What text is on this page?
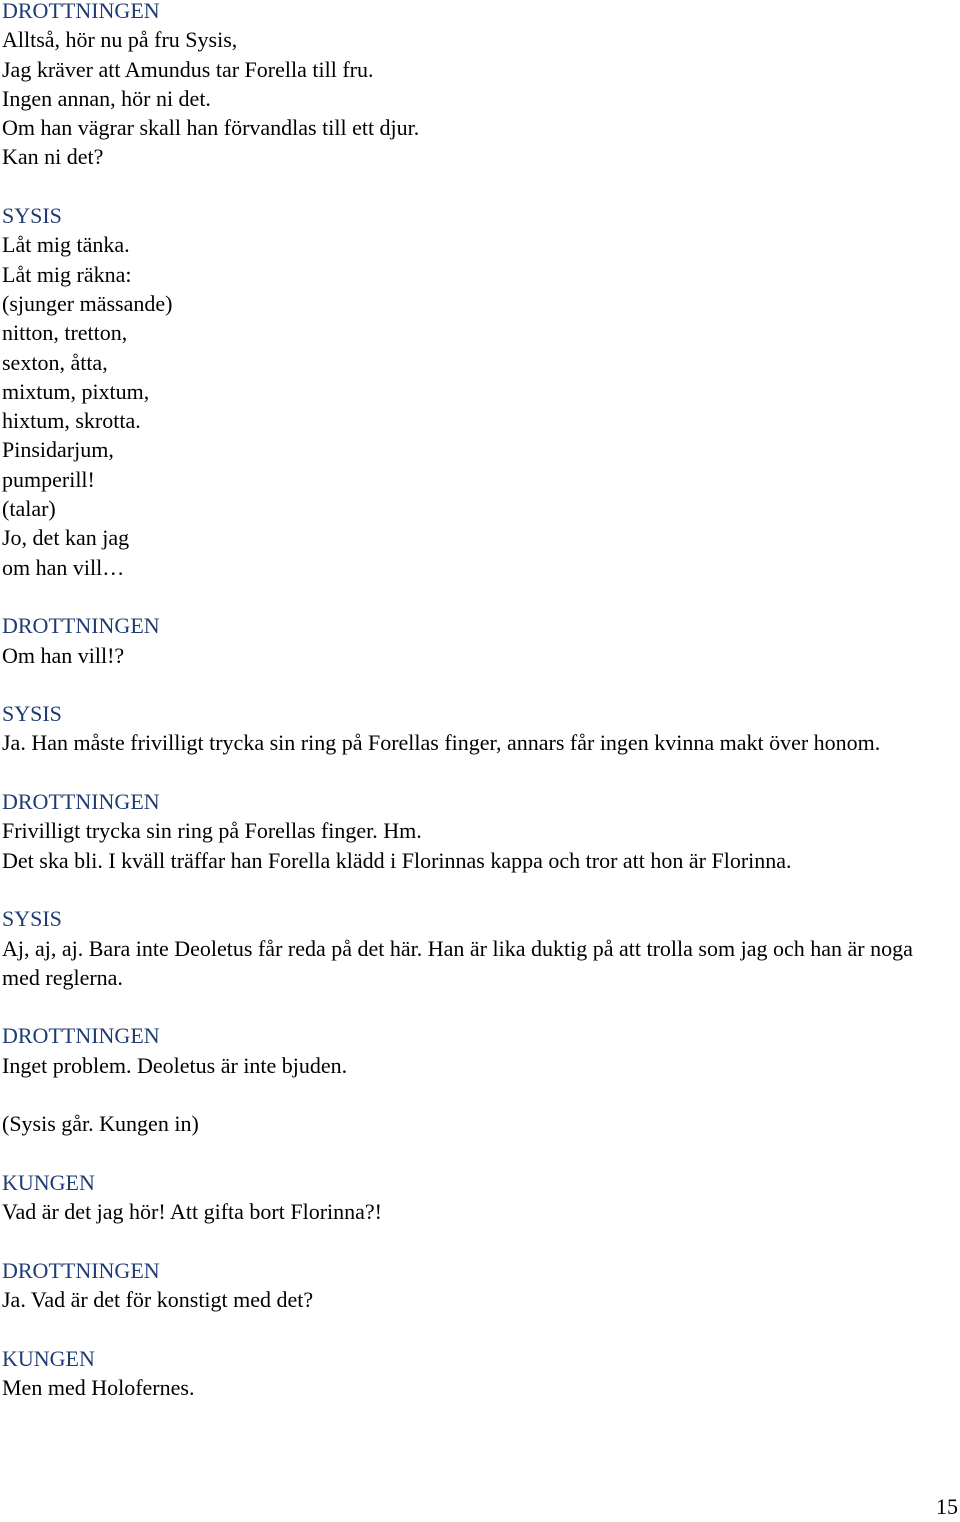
DROTTNINGEN
Alltså, hör nu på fru Sysis,
Jag kräver att Amundus tar Forella till fru.
Ingen annan, hör ni det.
Om han vägrar skall han förvandlas till ett djur.
Kan ni det?
SYSIS
Låt mig tänka.
Låt mig räkna:
(sjunger mässande)
nitton, tretton,
sexton, åtta,
mixtum, pixtum,
hixtum, skrotta.
Pinsidarjum,
pumperill!
(talar)
Jo, det kan jag
om han vill…
DROTTNINGEN
Om han vill!?
SYSIS
Ja. Han måste frivilligt trycka sin ring på Forellas finger, annars får ingen kvinna makt över honom.
DROTTNINGEN
Frivilligt trycka sin ring på Forellas finger. Hm.
Det ska bli. I kväll träffar han Forella klädd i Florinnas kappa och tror att hon är Florinna.
SYSIS
Aj, aj, aj. Bara inte Deoletus får reda på det här. Han är lika duktig på att trolla som jag och han är noga med reglerna.
DROTTNINGEN
Inget problem. Deoletus är inte bjuden.
(Sysis går. Kungen in)
KUNGEN
Vad är det jag hör! Att gifta bort Florinna?!
DROTTNINGEN
Ja. Vad är det för konstigt med det?
KUNGEN
Men med Holofernes.
15
